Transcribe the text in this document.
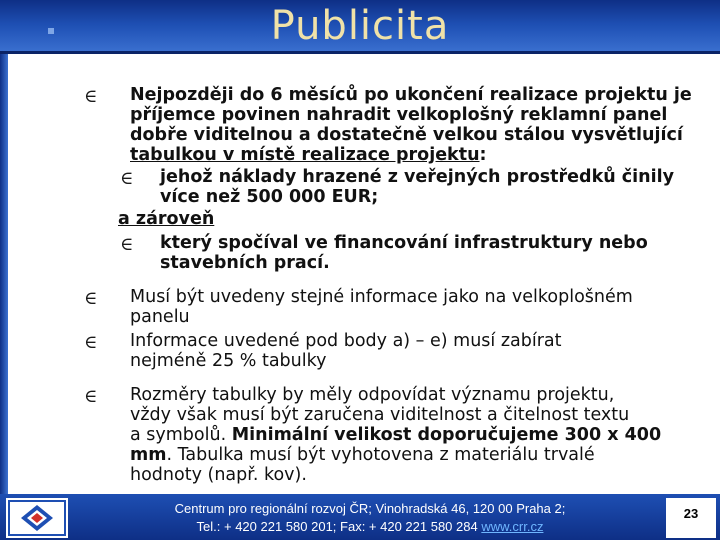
Publicita
∈ Nejpozději do 6 měsíců po ukončení realizace projektu je
příjemce povinen nahradit velkoplošný reklamní panel
dobře viditelnou a dostatečně velkou stálou vysvětlující
tabulkou v místě realizace projektu:
∈ jehož náklady hrazené z veřejných prostředků činily
více než 500 000 EUR;
a zároveň
∈ který spočíval ve financování infrastruktury nebo
stavebních prací.
∈ Musí být uvedeny stejné informace jako na velkoplošném
panelu
∈ Informace uvedené pod body a) – e) musí zabírat
nejméně 25 % tabulky
∈ Rozměry tabulky by měly odpovídat významu projektu,
vždy však musí být zaručena viditelnost a čitelnost textu
a symbolů. Minimální velikost doporučujeme 300 x 400
mm. Tabulka musí být vyhotovena z materiálu trvalé
hodnoty (např. kov).
Centrum pro regionální rozvoj ČR; Vinohradská 46, 120 00 Praha 2;
Tel.: + 420 221 580 201; Fax: + 420 221 580 284 www.crr.cz
23
